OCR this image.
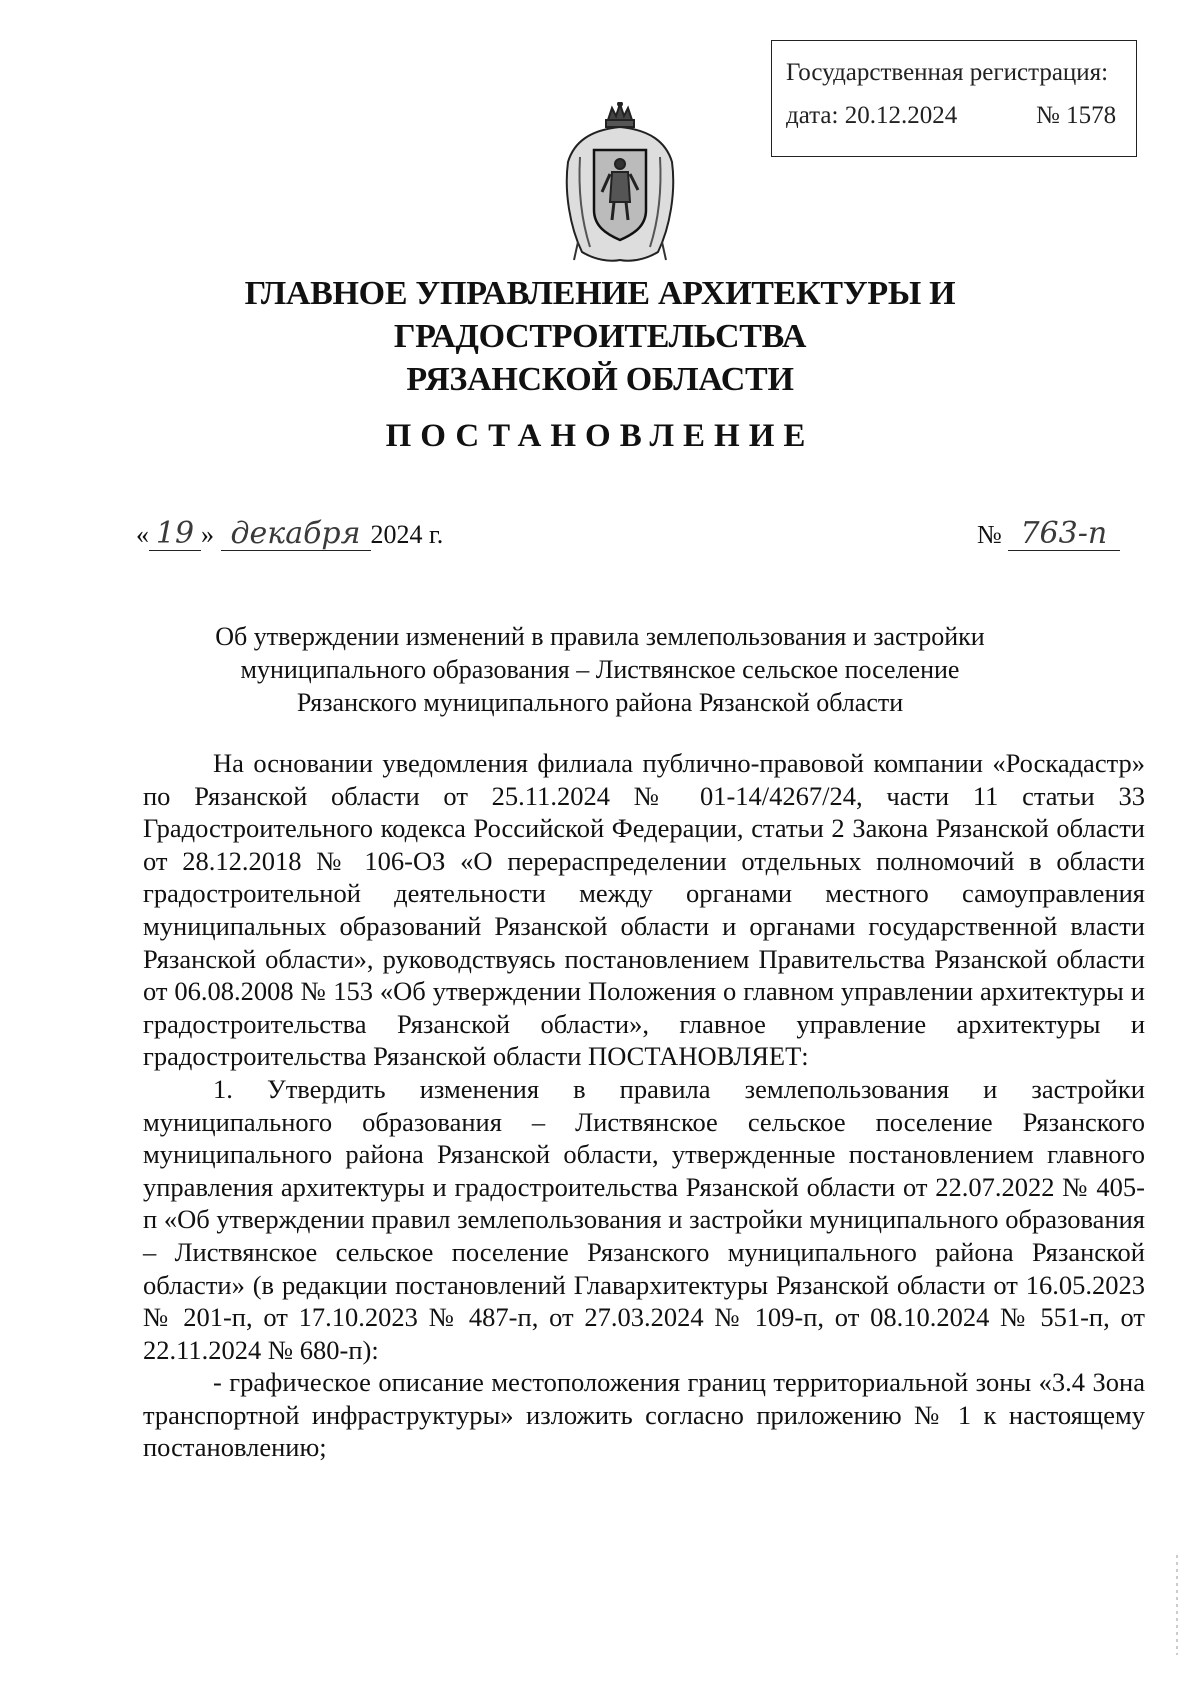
Государственная регистрация:
дата: 20.12.2024	№ 1578
ГЛАВНОЕ УПРАВЛЕНИЕ АРХИТЕКТУРЫ И ГРАДОСТРОИТЕЛЬСТВА
РЯЗАНСКОЙ ОБЛАСТИ
ПОСТАНОВЛЕНИЕ
« 19 » декабря 2024 г.	№ 763-п
Об утверждении изменений в правила землепользования и застройки
муниципального образования – Листвянское сельское поселение
Рязанского муниципального района Рязанской области

На основании уведомления филиала публично-правовой компании «Роскадастр» по Рязанской области от 25.11.2024 № 01-14/4267/24, части 11 статьи 33 Градостроительного кодекса Российской Федерации, статьи 2 Закона Рязанской области от 28.12.2018 № 106-ОЗ «О перераспределении отдельных полномочий в области градостроительной деятельности между органами местного самоуправления муниципальных образований Рязанской области и органами государственной власти Рязанской области», руководствуясь постановлением Правительства Рязанской области от 06.08.2008 № 153 «Об утверждении Положения о главном управлении архитектуры и градостроительства Рязанской области», главное управление архитектуры и градостроительства Рязанской области ПОСТАНОВЛЯЕТ:

1. Утвердить изменения в правила землепользования и застройки муниципального образования – Листвянское сельское поселение Рязанского муниципального района Рязанской области, утвержденные постановлением главного управления архитектуры и градостроительства Рязанской области от 22.07.2022 № 405-п «Об утверждении правил землепользования и застройки муниципального образования – Листвянское сельское поселение Рязанского муниципального района Рязанской области» (в редакции постановлений Главархитектуры Рязанской области от 16.05.2023 № 201-п, от 17.10.2023 № 487-п, от 27.03.2024 № 109-п, от 08.10.2024 № 551-п, от 22.11.2024 № 680-п):

- графическое описание местоположения границ территориальной зоны «3.4 Зона транспортной инфраструктуры» изложить согласно приложению № 1 к настоящему постановлению;
